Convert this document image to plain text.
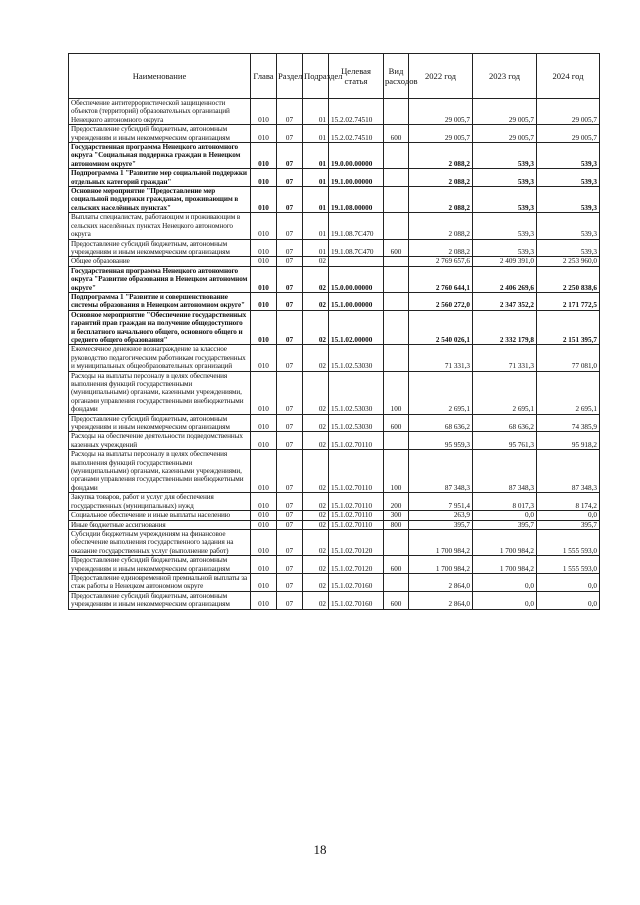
Наименование	Глава	Раздел	Подраздел	Целевая статья	Вид расходов	2022 год	2023 год	2024 год
Обеспечение антитеррористической защищенности объектов (территорий) образовательных организаций Ненецкого автономного округа	010	07	01	15.2.02.74510		29 005,7	29 005,7	29 005,7
Предоставление субсидий бюджетным, автономным учреждениям и иным некоммерческим организациям	010	07	01	15.2.02.74510	600	29 005,7	29 005,7	29 005,7
Государственная программа Ненецкого автономного округа "Социальная поддержка граждан в Ненецком автономном округе"	010	07	01	19.0.00.00000		2 088,2	539,3	539,3
Подпрограмма 1 "Развитие мер социальной поддержки отдельных категорий граждан"	010	07	01	19.1.00.00000		2 088,2	539,3	539,3
Основное мероприятие "Предоставление мер социальной поддержки гражданам, проживающим в сельских населённых пунктах"	010	07	01	19.1.08.00000		2 088,2	539,3	539,3
Выплаты специалистам, работающим и проживающим в сельских населённых пунктах Ненецкого автономного округа	010	07	01	19.1.08.7С470		2 088,2	539,3	539,3
Предоставление субсидий бюджетным, автономным учреждениям и иным некоммерческим организациям	010	07	01	19.1.08.7С470	600	2 088,2	539,3	539,3
Общее образование	010	07	02			2 769 657,6	2 409 391,0	2 253 960,0
Государственная программа Ненецкого автономного округа "Развитие образования в Ненецком автономном округе"	010	07	02	15.0.00.00000		2 760 644,1	2 406 269,6	2 250 838,6
Подпрограмма 1 "Развитие и совершенствование системы образования в Ненецком автономном округе"	010	07	02	15.1.00.00000		2 560 272,0	2 347 352,2	2 171 772,5
Основное мероприятие "Обеспечение государственных гарантий прав граждан на получение общедоступного и бесплатного начального общего, основного общего и среднего общего образования"	010	07	02	15.1.02.00000		2 540 026,1	2 332 179,8	2 151 395,7
Ежемесячное денежное вознаграждение за классное руководство педагогическим работникам государственных и муниципальных общеобразовательных организаций	010	07	02	15.1.02.53030		71 331,3	71 331,3	77 081,0
Расходы на выплаты персоналу в целях обеспечения выполнения функций государственными (муниципальными) органами, казенными учреждениями, органами управления государственными внебюджетными фондами	010	07	02	15.1.02.53030	100	2 695,1	2 695,1	2 695,1
Предоставление субсидий бюджетным, автономным учреждениям и иным некоммерческим организациям	010	07	02	15.1.02.53030	600	68 636,2	68 636,2	74 385,9
Расходы на обеспечение деятельности подведомственных казенных учреждений	010	07	02	15.1.02.70110		95 959,3	95 761,3	95 918,2
Расходы на выплаты персоналу в целях обеспечения выполнения функций государственными (муниципальными) органами, казенными учреждениями, органами управления государственными внебюджетными фондами	010	07	02	15.1.02.70110	100	87 348,3	87 348,3	87 348,3
Закупка товаров, работ и услуг для обеспечения государственных (муниципальных) нужд	010	07	02	15.1.02.70110	200	7 951,4	8 017,3	8 174,2
Социальное обеспечение и иные выплаты населению	010	07	02	15.1.02.70110	300	263,9	0,0	0,0
Иные бюджетные ассигнования	010	07	02	15.1.02.70110	800	395,7	395,7	395,7
Субсидии бюджетным учреждениям на финансовое обеспечение выполнения государственного задания на оказание государственных услуг (выполнение работ)	010	07	02	15.1.02.70120		1 700 984,2	1 700 984,2	1 555 593,0
Предоставление субсидий бюджетным, автономным учреждениям и иным некоммерческим организациям	010	07	02	15.1.02.70120	600	1 700 984,2	1 700 984,2	1 555 593,0
Предоставление единовременной премиальной выплаты за стаж работы в Ненецком автономном округе	010	07	02	15.1.02.70160		2 864,0	0,0	0,0
Предоставление субсидий бюджетным, автономным учреждениям и иным некоммерческим организациям	010	07	02	15.1.02.70160	600	2 864,0	0,0	0,0
18
